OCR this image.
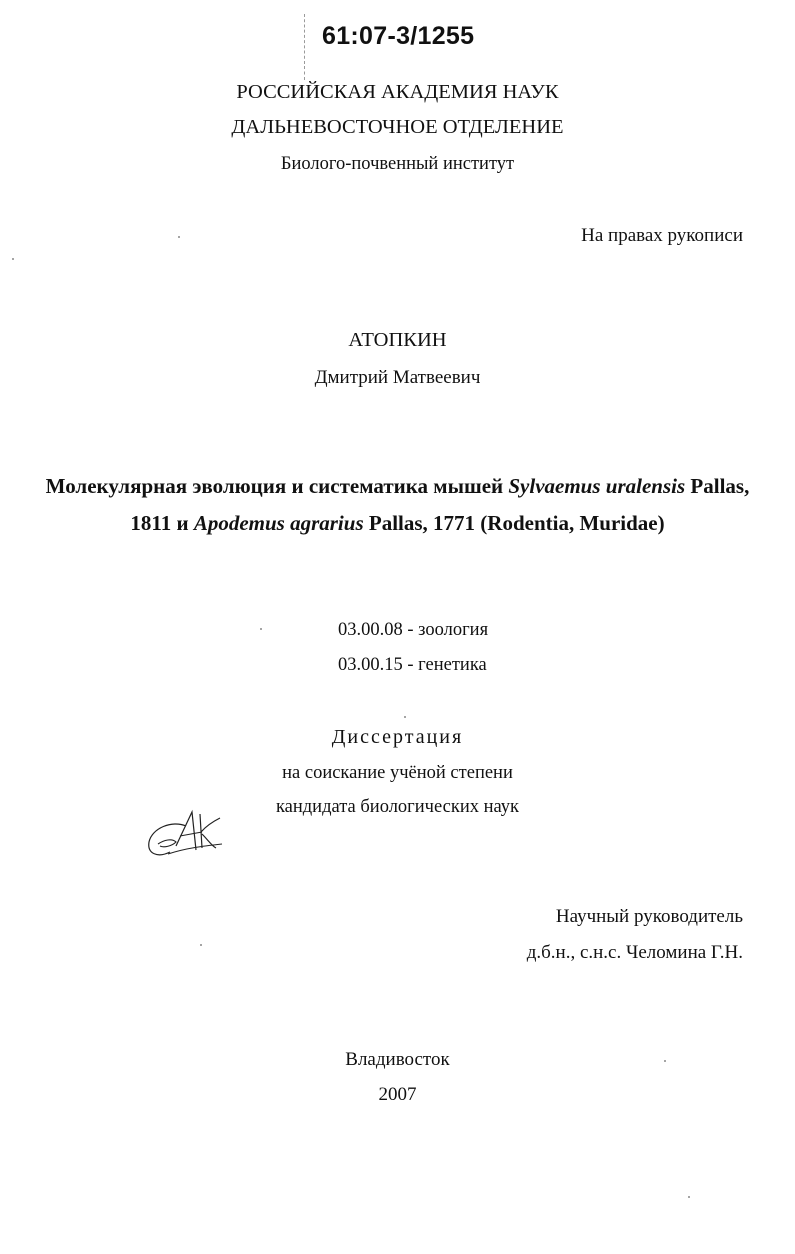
61:07-3/1255
РОССИЙСКАЯ АКАДЕМИЯ НАУК
ДАЛЬНЕВОСТОЧНОЕ ОТДЕЛЕНИЕ
Биолого-почвенный институт
На правах рукописи
АТОПКИН
Дмитрий Матвеевич
Молекулярная эволюция и систематика мышей Sylvaemus uralensis Pallas,
1811 и Apodemus agrarius Pallas, 1771 (Rodentia, Muridae)
03.00.08 - зоология
03.00.15 - генетика
Диссертация
на соискание учёной степени
кандидата биологических наук
Научный руководитель
д.б.н., с.н.с. Челомина Г.Н.
Владивосток
2007
